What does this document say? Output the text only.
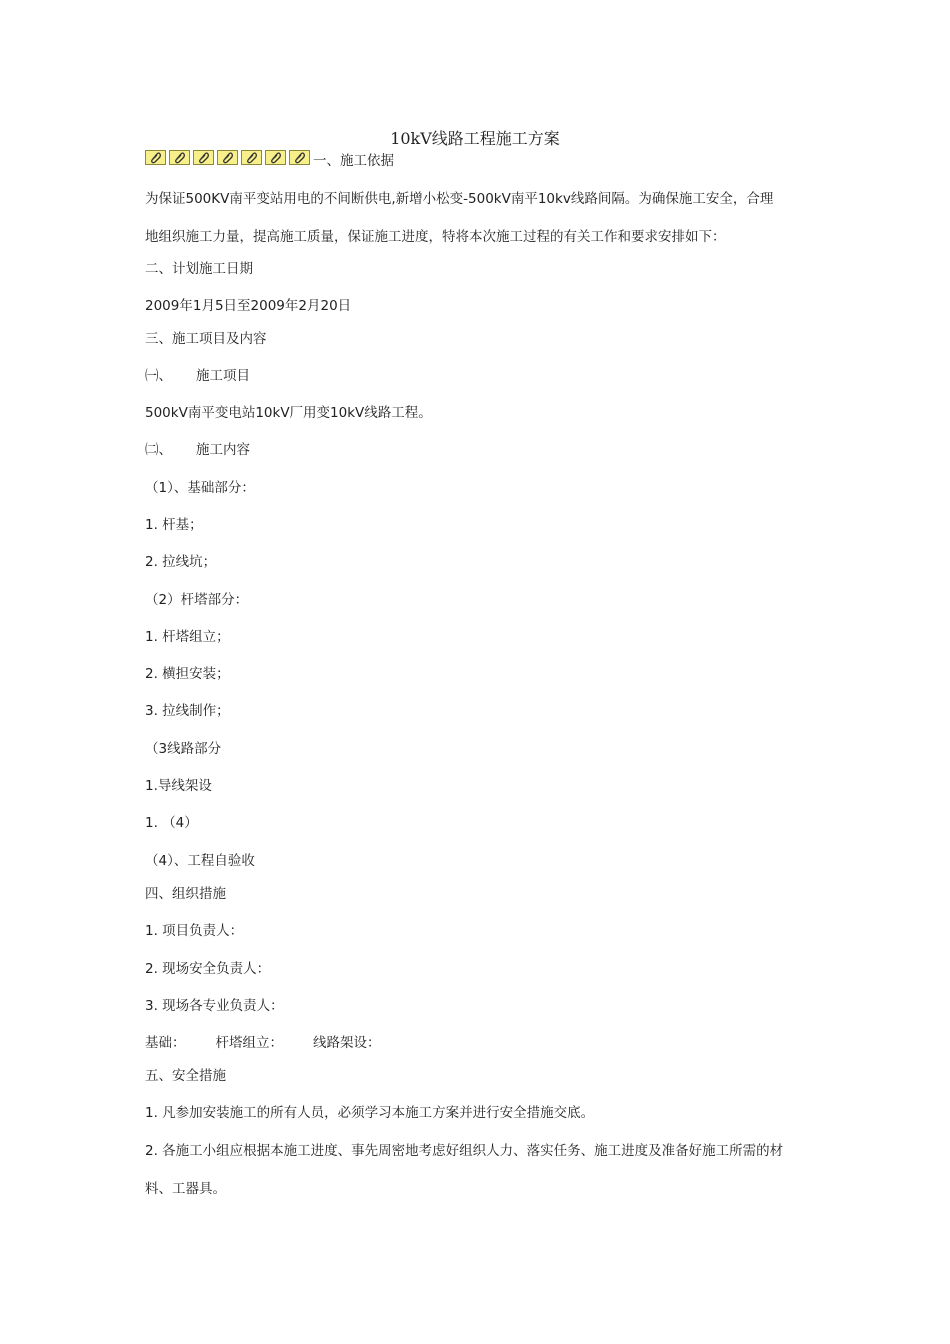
10kV线路工程施工方案
一、施工依据
为保证500KV南平变站用电的不间断供电,新增小松变-500kV南平10kv线路间隔。为确保施工安全，合理
地组织施工力量，提高施工质量，保证施工进度，特将本次施工过程的有关工作和要求安排如下：
二、计划施工日期
2009年1月5日至2009年2月20日
三、施工项目及内容
㈠、 施工项目
500kV南平变电站10kV厂用变10kV线路工程。
㈡、 施工内容
（1）、基础部分：
1. 杆基；
2. 拉线坑；
（2）杆塔部分：
1. 杆塔组立；
2. 横担安装；
3. 拉线制作；
（3线路部分
1.导线架设
1. （4）
（4）、工程自验收
四、组织措施
1. 项目负责人：
2. 现场安全负责人：
3. 现场各专业负责人：
基础： 杆塔组立： 线路架设：
五、安全措施
1. 凡参加安装施工的所有人员，必须学习本施工方案并进行安全措施交底。
2. 各施工小组应根据本施工进度、事先周密地考虑好组织人力、落实任务、施工进度及准备好施工所需的材
料、工器具。
